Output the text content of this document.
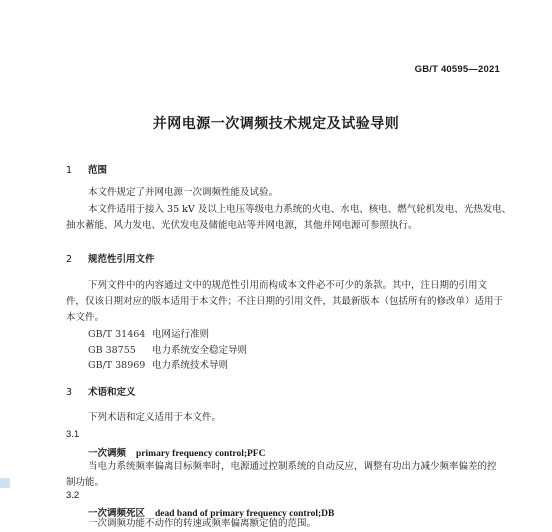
GB/T 40595—2021
并网电源一次调频技术规定及试验导则
1 范围
本文件规定了并网电源一次调频性能及试验。
本文件适用于接入 35 kV 及以上电压等级电力系统的火电、水电、核电、燃气轮机发电、光热发电、
抽水蓄能、风力发电、光伏发电及储能电站等并网电源，其他并网电源可参照执行。
2 规范性引用文件
下列文件中的内容通过文中的规范性引用而构成本文件必不可少的条款。其中，注日期的引用文
件，仅该日期对应的版本适用于本文件；不注日期的引用文件，其最新版本（包括所有的修改单）适用于
本文件。
GB/T 31464 电网运行准则
GB 38755 电力系统安全稳定导则
GB/T 38969 电力系统技术导则
3 术语和定义
下列术语和定义适用于本文件。
3.1
一次调频 primary frequency control;PFC
当电力系统频率偏离目标频率时，电源通过控制系统的自动反应，调整有功出力减少频率偏差的控
制功能。
3.2
一次调频死区 dead band of primary frequency control;DB
一次调频功能不动作的转速或频率偏离额定值的范围。
